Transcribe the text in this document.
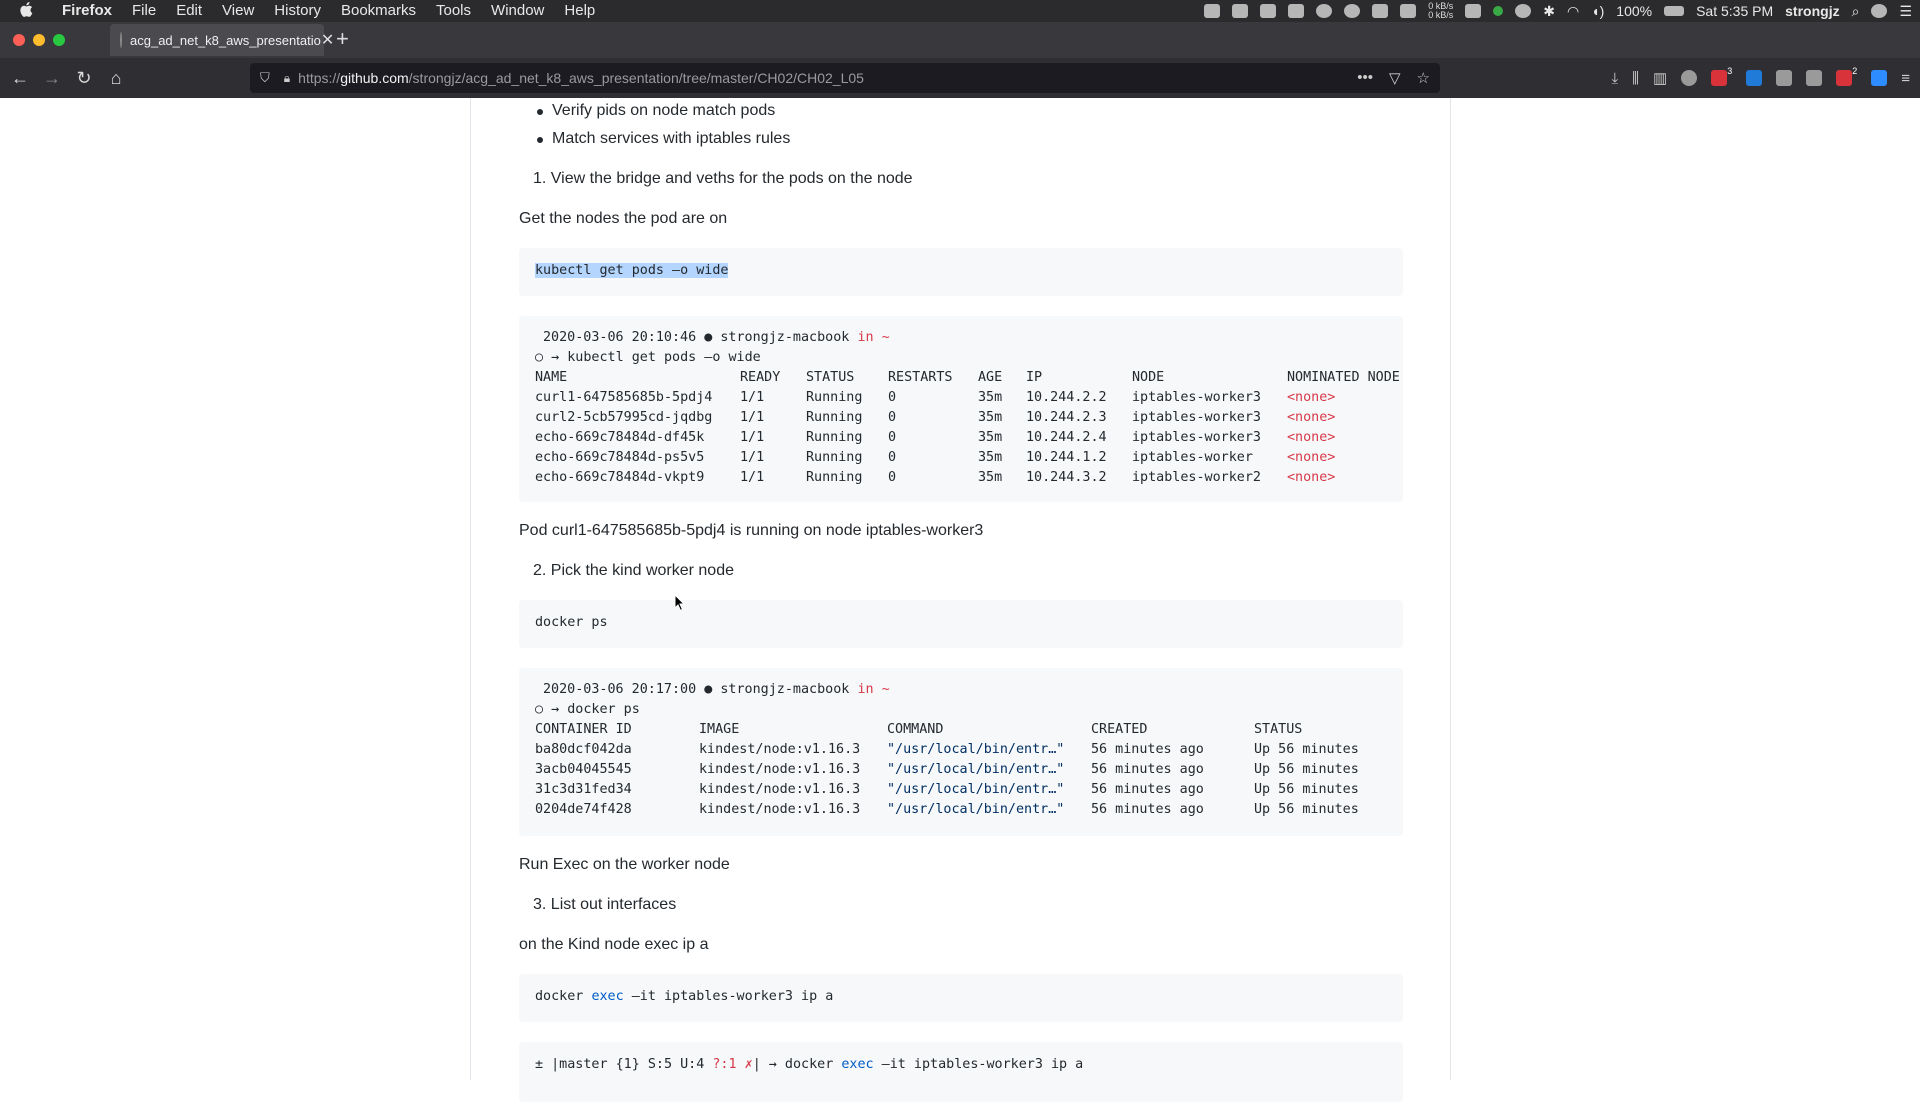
Firefox	File	Edit	View	History	Bookmarks	Tools	Window	Help	0 kB/s
0 kB/s	✱ ◠ ◖) 100%	Sat 5:35 PM strongjz ⌕	☰
acg_ad_net_k8_aws_presentatio ✕ +
← → ↻	⌂	⛉ 🔒︎ https://github.com/strongjz/acg_ad_net_k8_aws_presentation/tree/master/CH02/CH02_L05	••• ▽ ☆	⤓ ⫼ ▥	3	2	≡
Verify pids on node match pods
Match services with iptables rules
1. View the bridge and veths for the pods on the node
Get the nodes the pod are on
kubectl get pods —o wide
2020-03-06 20:10:46 ● strongjz-macbook in ~
○ → kubectl get pods —o wide
NAME	READY STATUS	RESTARTS AGE IP	NODE	NOMINATED NODE
curl1-647585685b-5pdj4 1/1	Running 0	35m 10.244.2.2 iptables-worker3 <none>
curl2-5cb57995cd-jqdbg 1/1	Running 0	35m 10.244.2.3 iptables-worker3 <none>
echo-669c78484d-df45k	1/1	Running 0	35m 10.244.2.4 iptables-worker3 <none>
echo-669c78484d-ps5v5	1/1	Running 0	35m 10.244.1.2 iptables-worker	<none>
echo-669c78484d-vkpt9	1/1	Running 0	35m 10.244.3.2 iptables-worker2 <none>
Pod curl1-647585685b-5pdj4 is running on node iptables-worker3
2. Pick the kind worker node
docker ps
2020-03-06 20:17:00 ● strongjz-macbook in ~
○ → docker ps
CONTAINER ID	IMAGE	COMMAND	CREATED	STATUS
ba80dcf042da	kindest/node:v1.16.3 "/usr/local/bin/entr…" 56 minutes ago	Up 56 minutes
3acb04045545	kindest/node:v1.16.3 "/usr/local/bin/entr…" 56 minutes ago	Up 56 minutes
31c3d31fed34	kindest/node:v1.16.3 "/usr/local/bin/entr…" 56 minutes ago	Up 56 minutes
0204de74f428	kindest/node:v1.16.3 "/usr/local/bin/entr…" 56 minutes ago	Up 56 minutes
Run Exec on the worker node
3. List out interfaces
on the Kind node exec ip a
docker exec —it iptables-worker3 ip a
± |master {1} S:5 U:4 ?:1 ✗| → docker exec —it iptables-worker3 ip a
